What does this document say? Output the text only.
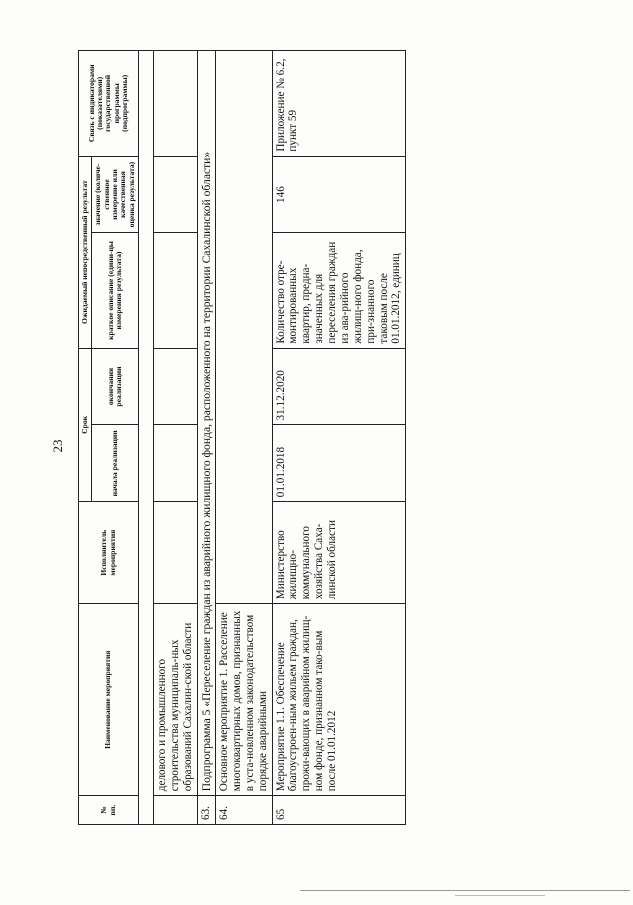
23
№ пп.	Наименование мероприятия	Исполнитель мероприятия	Срок		Ожидаемый непосредственный результат		Связь с индикаторами (показателями) государственной программы (подпрограммы)
			начала реализации	окончания реализации	краткое описание (едини-цы измерения результата)	значение (количе-ственное измерение или качественная оценка результата)	

	делового и промышленного строительства муниципаль-ных образований Сахалин-ской области						
63.	Подпрограмма 5 «Переселение граждан из аварийного жилищного фонда, расположенного на территории Сахалинской области»						
64.	Основное мероприятие 1. Расселение многоквартирных домов, признанных в уста-новленном законодательством порядке аварийными						
65	Мероприятие 1.1. Обеспечение благоустроен-ным жильем граждан, прожи-вающих в аварийном жилищ-ном фонде, признанном тако-вым после 01.01.2012	Министерство жилищно-коммунального хозяйства Саха-линской области	01.01.2018	31.12.2020	Количество отре-монтированных квартир, предна-значенных для переселения граждан из ава-рийного жилищ-ного фонда, при-знанного таковым после 01.01.2012, единиц	146	Приложение № 6.2, пункт 59
